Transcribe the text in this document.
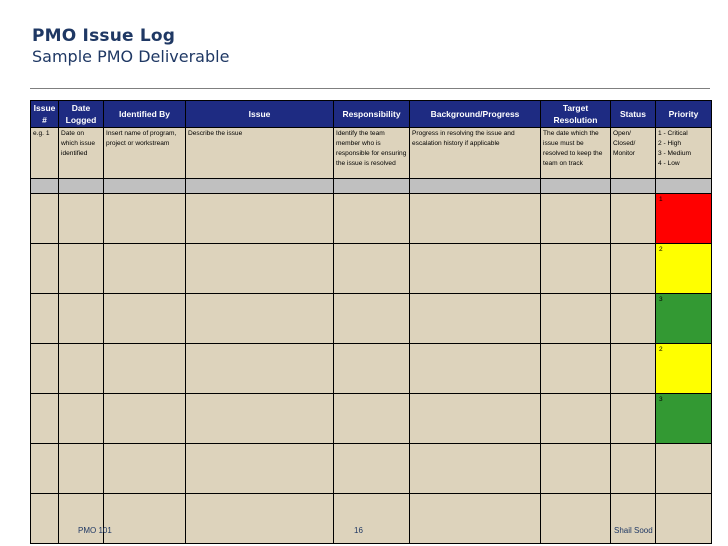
PMO Issue Log
Sample PMO Deliverable
Issue #	Date Logged	Identified By	Issue	Responsibility	Background/Progress	Target Resolution	Status	Priority
e.g. 1	Date on which issue identified	Insert name of program, project or workstream	Describe the issue	Identify the team member who is responsible for ensuring the issue is resolved	Progress in resolving the issue and escalation history if applicable	The date which the issue must be resolved to keep the team on track	Open/ Closed/ Monitor	1 - Critical
2 - High
3 - Medium
4 - Low

								1
								2
								3
								2
								3

PMO 101	16	Shail Sood
